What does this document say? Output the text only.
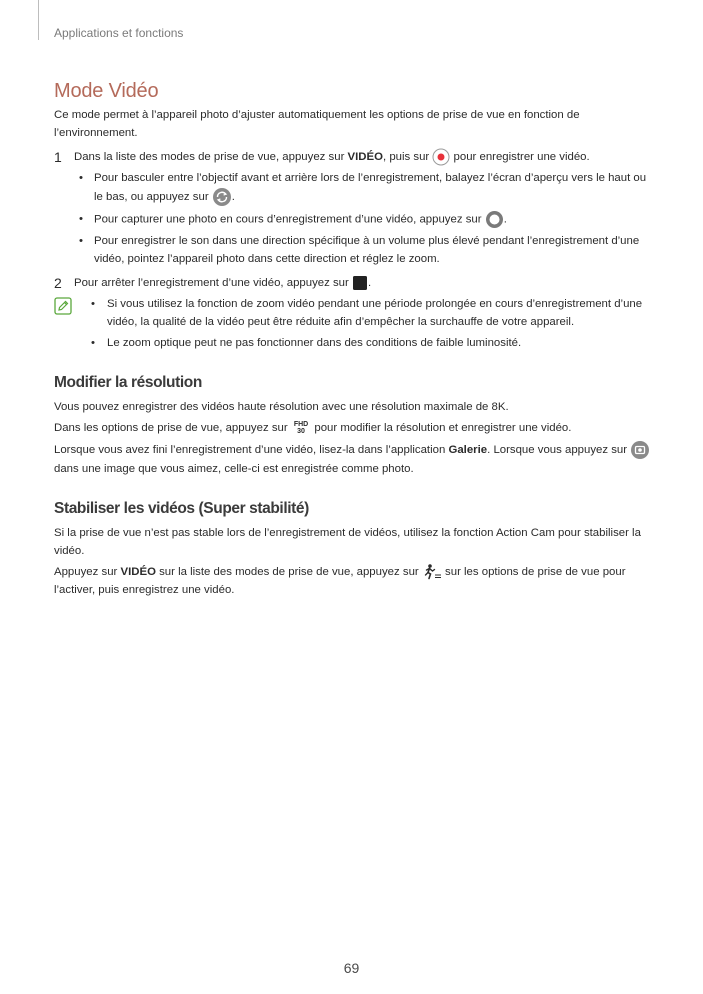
Applications et fonctions
Mode Vidéo

Ce mode permet à l’appareil photo d’ajuster automatiquement les options de prise de vue en fonction de l’environnement.

1 Dans la liste des modes de prise de vue, appuyez sur VIDÉO, puis sur  pour enregistrer une vidéo.
• Pour basculer entre l’objectif avant et arrière lors de l’enregistrement, balayez l’écran d’aperçu vers le haut ou le bas, ou appuyez sur .
• Pour capturer une photo en cours d’enregistrement d’une vidéo, appuyez sur .
• Pour enregistrer le son dans une direction spécifique à un volume plus élevé pendant l’enregistrement d’une vidéo, pointez l’appareil photo dans cette direction et réglez le zoom.
2 Pour arrêter l’enregistrement d’une vidéo, appuyez sur .
• Si vous utilisez la fonction de zoom vidéo pendant une période prolongée en cours d’enregistrement d’une vidéo, la qualité de la vidéo peut être réduite afin d’empêcher la surchauffe de votre appareil.
• Le zoom optique peut ne pas fonctionner dans des conditions de faible luminosité.
Modifier la résolution

Vous pouvez enregistrer des vidéos haute résolution avec une résolution maximale de 8K.

Dans les options de prise de vue, appuyez sur FHD
30 pour modifier la résolution et enregistrer une vidéo.

Lorsque vous avez fini l’enregistrement d’une vidéo, lisez-la dans l’application Galerie. Lorsque vous appuyez sur  dans une image que vous aimez, celle-ci est enregistrée comme photo.

Stabiliser les vidéos (Super stabilité)

Si la prise de vue n’est pas stable lors de l’enregistrement de vidéos, utilisez la fonction Action Cam pour stabiliser la vidéo.

Appuyez sur VIDÉO sur la liste des modes de prise de vue, appuyez sur  sur les options de prise de vue pour l’activer, puis enregistrez une vidéo.

69
